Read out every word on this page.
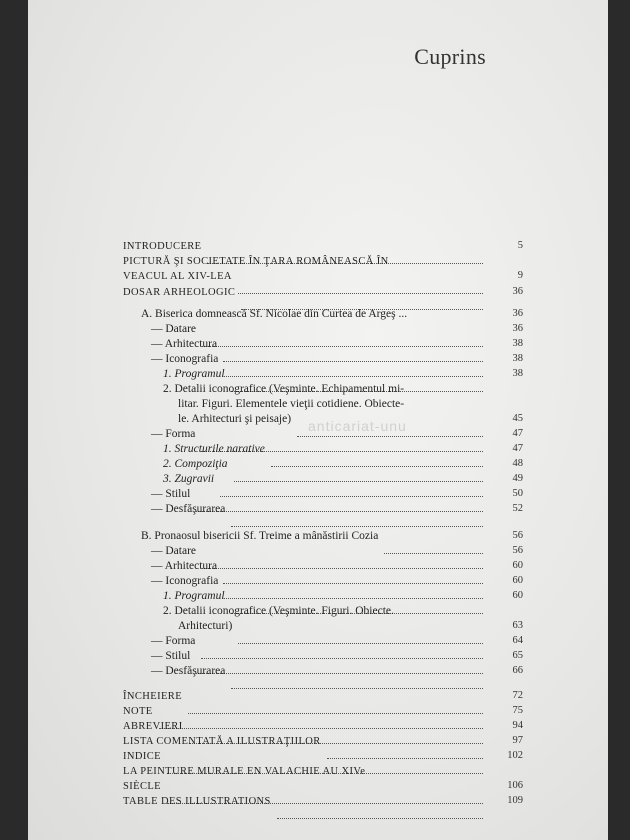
Cuprins
anticariat-unu
INTRODUCERE	5
PICTURĂ ŞI SOCIETATE ÎN ŢARA ROMÂNEASCĂ ÎN
VEACUL AL XIV-LEA	9
DOSAR ARHEOLOGIC	36
A. Biserica domnească Sf. Nicolae din Curtea de Argeş ...	36
— Datare	36
— Arhitectura	38
— Iconografia	38
1. Programul	38
2. Detalii iconografice (Veşminte. Echipamentul mi-
litar. Figuri. Elementele vieţii cotidiene. Obiecte-
le. Arhitecturi şi peisaje)	45
— Forma	47
1. Structurile narative	47
2. Compoziţia	48
3. Zugravii	49
— Stilul	50
— Desfăşurarea	52
B. Pronaosul bisericii Sf. Treime a mânăstirii Cozia	56
— Datare	56
— Arhitectura	60
— Iconografia	60
1. Programul	60
2. Detalii iconografice (Veşminte. Figuri. Obiecte.
Arhitecturi)	63
— Forma	64
— Stilul	65
— Desfăşurarea	66
ÎNCHEIERE	72
NOTE	75
ABREVIERI	94
LISTA COMENTATĂ A ILUSTRAŢIILOR	97
INDICE	102
LA PEINTURE MURALE EN VALACHIE AU XIVe
SIÈCLE	106
TABLE DES ILLUSTRATIONS	109
